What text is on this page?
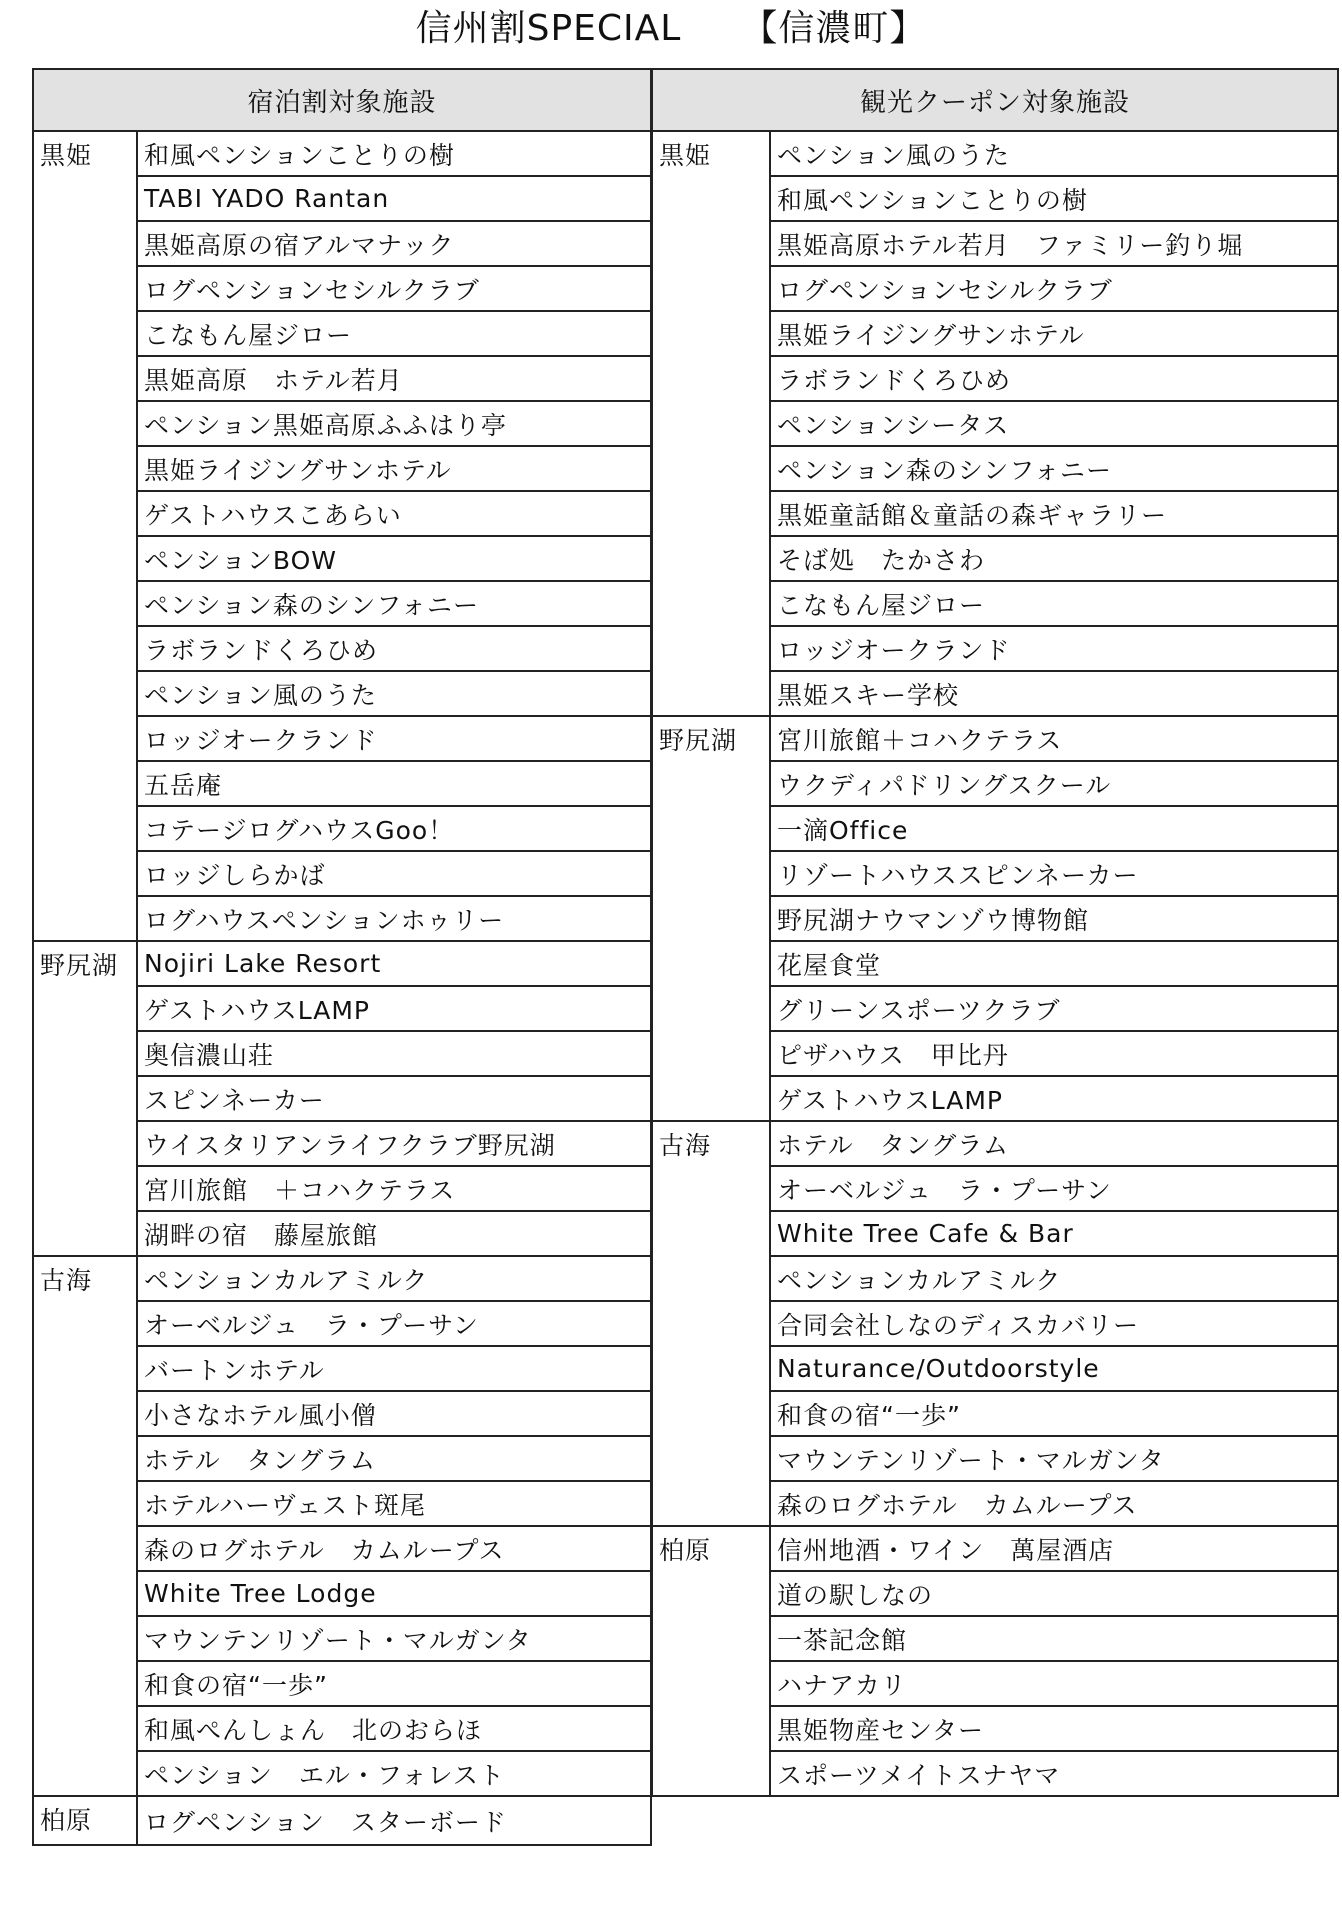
信州割SPECIAL 【信濃町】
宿泊割対象施設	
黒姫	和風ペンションことりの樹
	TABI YADO Rantan
	黒姫高原の宿アルマナック
	ログペンションセシルクラブ
	こなもん屋ジロー
	黒姫高原　ホテル若月
	ペンション黒姫高原ふふはり亭
	黒姫ライジングサンホテル
	ゲストハウスこあらい
	ペンションBOW
	ペンション森のシンフォニー
	ラボランドくろひめ
	ペンション風のうた
	ロッジオークランド
	五岳庵
	コテージログハウスGoo！
	ロッジしらかば
	ログハウスペンションホゥリー
野尻湖	Nojiri Lake Resort
	ゲストハウスLAMP
	奥信濃山荘
	スピンネーカー
	ウイスタリアンライフクラブ野尻湖
	宮川旅館　＋コハクテラス
	湖畔の宿　藤屋旅館
古海	ペンションカルアミルク
	オーベルジュ　ラ・プーサン
	バートンホテル
	小さなホテル風小僧
	ホテル　タングラム
	ホテルハーヴェスト斑尾
	森のログホテル　カムループス
	White Tree Lodge
	マウンテンリゾート・マルガンタ
	和食の宿“一歩”
	和風ぺんしょん　北のおらほ
	ペンション　エル・フォレスト
柏原	ログペンション　スターボード
観光クーポン対象施設	
黒姫	ペンション風のうた
	和風ペンションことりの樹
	黒姫高原ホテル若月　ファミリー釣り堀
	ログペンションセシルクラブ
	黒姫ライジングサンホテル
	ラボランドくろひめ
	ペンションシータス
	ペンション森のシンフォニー
	黒姫童話館＆童話の森ギャラリー
	そば処　たかさわ
	こなもん屋ジロー
	ロッジオークランド
	黒姫スキー学校
野尻湖	宮川旅館＋コハクテラス
	ウクディパドリングスクール
	一滴Office
	リゾートハウススピンネーカー
	野尻湖ナウマンゾウ博物館
	花屋食堂
	グリーンスポーツクラブ
	ピザハウス　甲比丹
	ゲストハウスLAMP
古海	ホテル　タングラム
	オーベルジュ　ラ・プーサン
	White Tree Cafe & Bar
	ペンションカルアミルク
	合同会社しなのディスカバリー
	Naturance/Outdoorstyle
	和食の宿“一歩”
	マウンテンリゾート・マルガンタ
	森のログホテル　カムループス
柏原	信州地酒・ワイン　萬屋酒店
	道の駅しなの
	一茶記念館
	ハナアカリ
	黒姫物産センター
	スポーツメイトスナヤマ
